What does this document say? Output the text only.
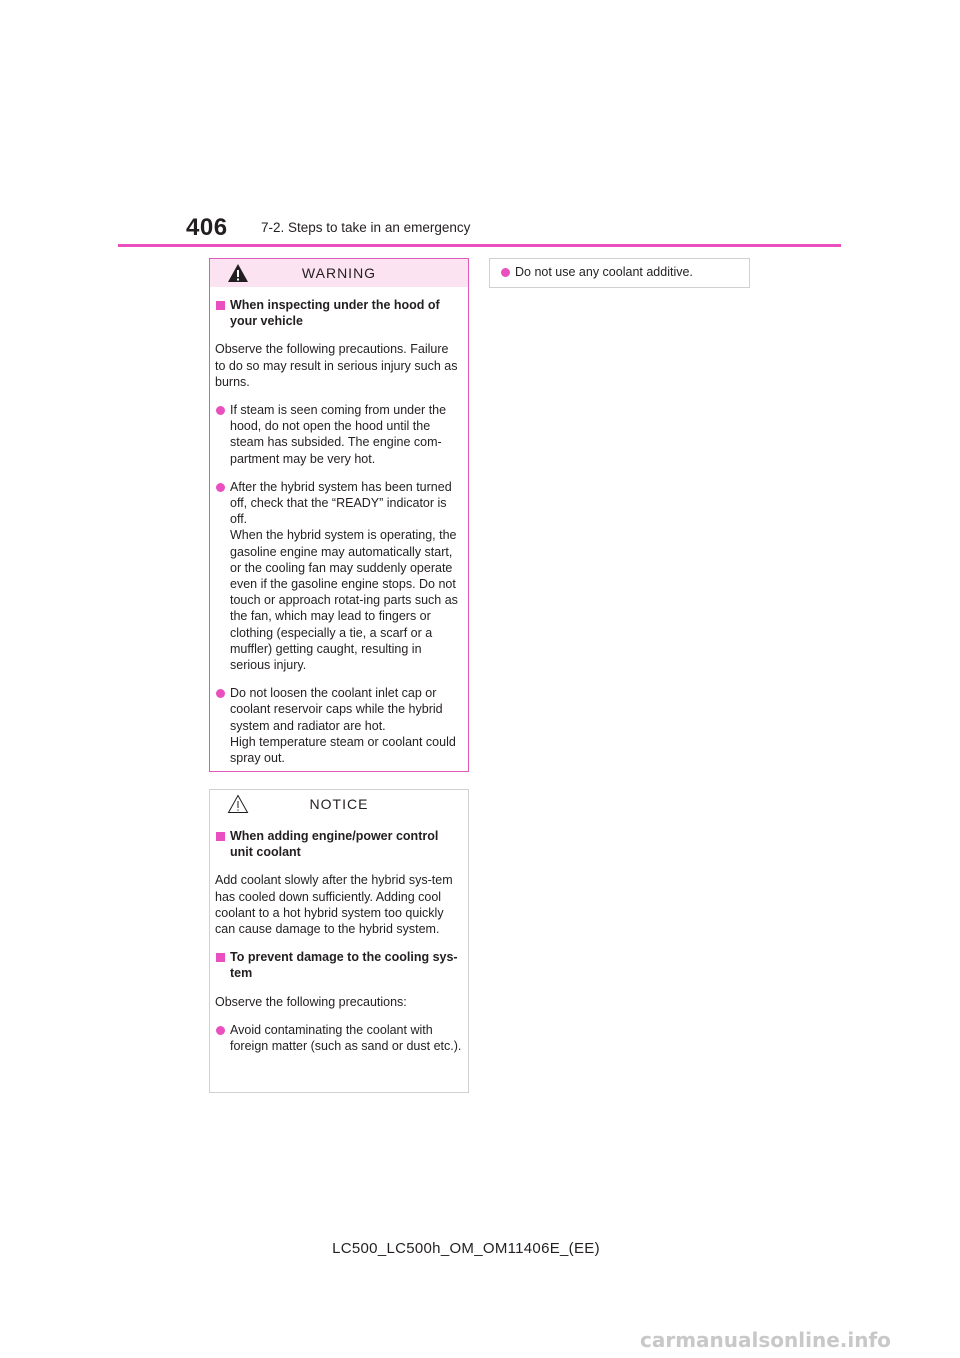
406 7-2. Steps to take in an emergency
WARNING
When inspecting under the hood of your vehicle
Observe the following precautions. Failure to do so may result in serious injury such as burns.
If steam is seen coming from under the hood, do not open the hood until the steam has subsided. The engine com-partment may be very hot.
After the hybrid system has been turned off, check that the “READY” indicator is off.
When the hybrid system is operating, the gasoline engine may automatically start, or the cooling fan may suddenly operate even if the gasoline engine stops. Do not touch or approach rotat-ing parts such as the fan, which may lead to fingers or clothing (especially a tie, a scarf or a muffler) getting caught, resulting in serious injury.
Do not loosen the coolant inlet cap or coolant reservoir caps while the hybrid system and radiator are hot.
High temperature steam or coolant could spray out.
NOTICE
When adding engine/power control unit coolant
Add coolant slowly after the hybrid sys-tem has cooled down sufficiently. Adding cool coolant to a hot hybrid system too quickly can cause damage to the hybrid system.
To prevent damage to the cooling sys-tem
Observe the following precautions:
Avoid contaminating the coolant with foreign matter (such as sand or dust etc.).
Do not use any coolant additive.
LC500_LC500h_OM_OM11406E_(EE)
carmanualsonline.info
